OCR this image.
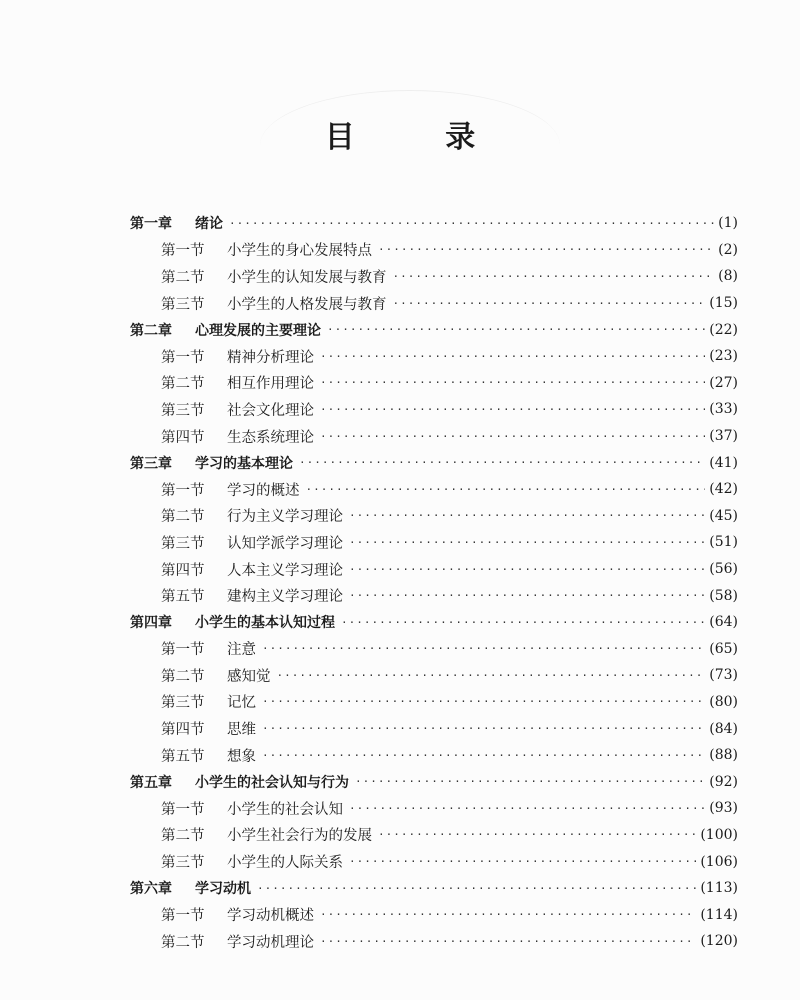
目 录
第一章	绪论 ·····	(1)
第一节	小学生的身心发展特点 ·····	(2)
第二节	小学生的认知发展与教育 ·····	(8)
第三节	小学生的人格发展与教育 ·····	(15)
第二章	心理发展的主要理论 ·····	(22)
第一节	精神分析理论 ·····	(23)
第二节	相互作用理论 ·····	(27)
第三节	社会文化理论 ·····	(33)
第四节	生态系统理论 ·····	(37)
第三章	学习的基本理论 ·····	(41)
第一节	学习的概述 ·····	(42)
第二节	行为主义学习理论 ·····	(45)
第三节	认知学派学习理论 ·····	(51)
第四节	人本主义学习理论 ·····	(56)
第五节	建构主义学习理论 ·····	(58)
第四章	小学生的基本认知过程 ·····	(64)
第一节	注意 ·····	(65)
第二节	感知觉 ·····	(73)
第三节	记忆 ·····	(80)
第四节	思维 ·····	(84)
第五节	想象 ·····	(88)
第五章	小学生的社会认知与行为 ·····	(92)
第一节	小学生的社会认知 ·····	(93)
第二节	小学生社会行为的发展 ·····	(100)
第三节	小学生的人际关系 ·····	(106)
第六章	学习动机 ·····	(113)
第一节	学习动机概述 ·····	(114)
第二节	学习动机理论 ·····	(120)
